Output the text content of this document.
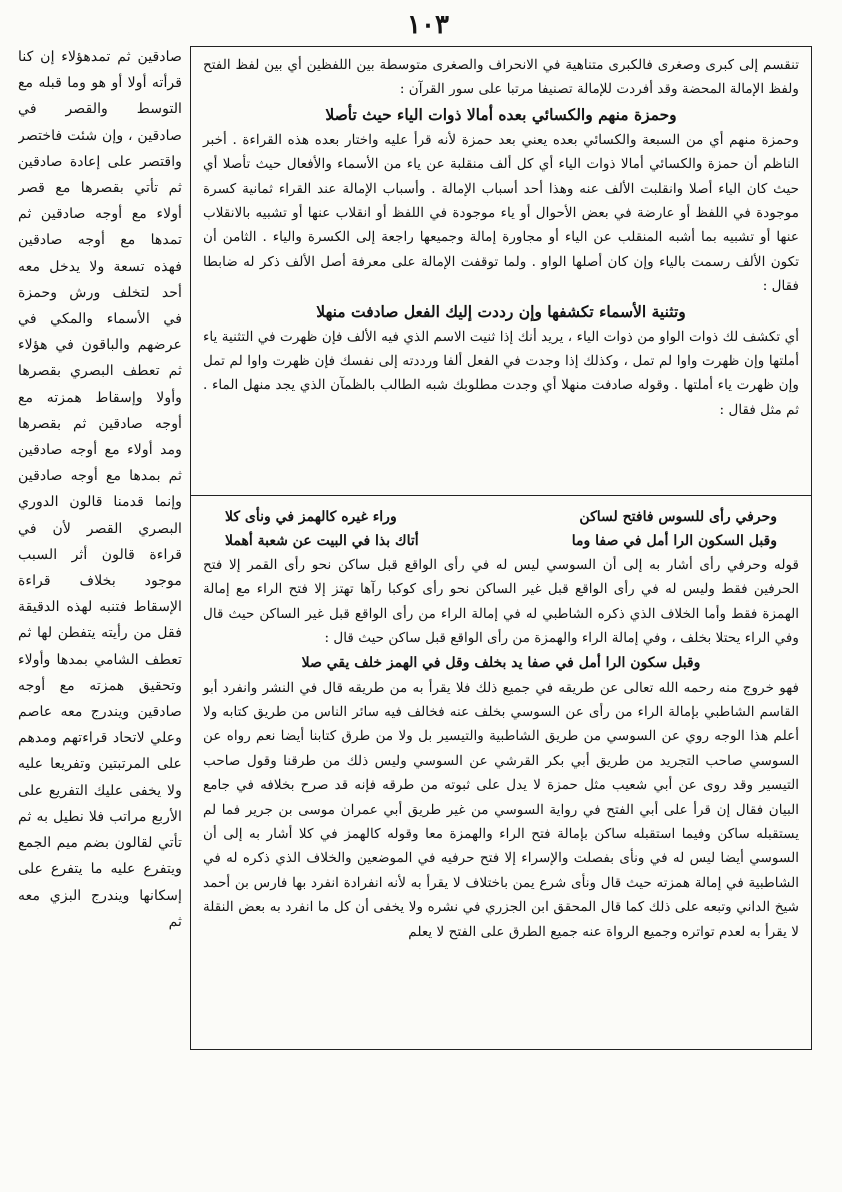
١٠٣

صادقين ثم تمدهؤلاء إن كنا قرأته أولا أو هو وما قبله مع التوسط والقصر في صادقين ، وإن شئت فاختصر واقتصر على إعادة صادقين ثم تأتي بقصرها مع قصر أولاء مع أوجه صادقين ثم تمدها مع أوجه صادقين فهذه تسعة ولا يدخل معه أحد لتخلف ورش وحمزة في الأسماء والمكي في عرضهم والباقون في هؤلاء ثم تعطف البصري بقصرها وأولا وإسقاط همزته مع أوجه صادقين ثم بقصرها ومد أولاء مع أوجه صادقين ثم بمدها مع أوجه صادقين وإنما قدمنا قالون الدوري البصري القصر لأن في قراءة قالون أثر السبب موجود بخلاف قراءة الإسقاط فتنبه لهذه الدقيقة فقل من رأيته يتفطن لها ثم تعطف الشامي بمدها وأولاء وتحقيق همزته مع أوجه صادقين ويندرج معه عاصم وعلي لاتحاد قراءتهم ومدهم على المرتبتين وتفريعا عليه ولا يخفى عليك التفريع على الأربع مراتب فلا نطيل به ثم تأتي لقالون بضم ميم الجمع ويتفرع عليه ما يتفرع على إسكانها ويندرج البزي معه ثم

تنقسم إلى كبرى وصغرى فالكبرى متناهية في الانحراف والصغرى متوسطة بين اللفظين أي بين لفظ الفتح ولفظ الإمالة المحضة وقد أفردت للإمالة تصنيفا مرتبا على سور القرآن :

وحمزة منهم والكسائي بعده أمالا ذوات الياء حيث تأصلا

وحمزة منهم أي من السبعة والكسائي بعده يعني بعد حمزة لأنه قرأ عليه واختار بعده هذه القراءة . أخبر الناظم أن حمزة والكسائي أمالا ذوات الياء أي كل ألف منقلبة عن ياء من الأسماء والأفعال حيث تأصلا أي حيث كان الياء أصلا وانقلبت الألف عنه وهذا أحد أسباب الإمالة . وأسباب الإمالة عند القراء ثمانية كسرة موجودة في اللفظ أو عارضة في بعض الأحوال أو ياء موجودة في اللفظ أو انقلاب عنها أو تشبيه بالانقلاب عنها أو تشبيه بما أشبه المنقلب عن الياء أو مجاورة إمالة وجميعها راجعة إلى الكسرة والياء . الثامن أن تكون الألف رسمت بالياء وإن كان أصلها الواو . ولما توقفت الإمالة على معرفة أصل الألف ذكر له ضابطا فقال :

وتثنية الأسماء تكشفها وإن رددت إليك الفعل صادفت منهلا

أي تكشف لك ذوات الواو من ذوات الياء ، يريد أنك إذا ثنيت الاسم الذي فيه الألف فإن ظهرت في التثنية ياء أملتها وإن ظهرت واوا لم تمل ، وكذلك إذا وجدت في الفعل ألفا ورددته إلى نفسك فإن ظهرت واوا لم تمل وإن ظهرت ياء أملتها . وقوله صادفت منهلا أي وجدت مطلوبك شبه الطالب بالظمآن الذي يجد منهل الماء . ثم مثل فقال :

وحرفي رأى للسوس فافتح لساكن
وراء غيره كالهمز في ونأى كلا
وقبل السكون الرا أمل في صفا وما
أتاك بذا في البيت عن شعبة أهملا

قوله وحرفي رأى أشار به إلى أن السوسي ليس له في رأى الواقع قبل ساكن نحو رأى القمر إلا فتح الحرفين فقط وليس له في رأى الواقع قبل غير الساكن نحو رأى كوكبا رآها تهتز إلا فتح الراء مع إمالة الهمزة فقط وأما الخلاف الذي ذكره الشاطبي له في إمالة الراء من رأى الواقع قبل غير الساكن حيث قال وفي الراء يحتلا بخلف ، وفي إمالة الراء والهمزة من رأى الواقع قبل ساكن حيث قال :

وقبل سكون الرا أمل في صفا يد بخلف وقل في الهمز خلف يقي صلا

فهو خروج منه رحمه الله تعالى عن طريقه في جميع ذلك فلا يقرأ به من طريقه قال في النشر وانفرد أبو القاسم الشاطبي بإمالة الراء من رأى عن السوسي بخلف عنه فخالف فيه سائر الناس من طريق كتابه ولا أعلم هذا الوجه روي عن السوسي من طريق الشاطبية والتيسير بل ولا من طرق كتابنا أيضا نعم رواه عن السوسي صاحب التجريد من طريق أبي بكر القرشي عن السوسي وليس ذلك من طرقنا وقول صاحب التيسير وقد روى عن أبي شعيب مثل حمزة لا يدل على ثبوته من طرقه فإنه قد صرح بخلافه في جامع البيان فقال إن قرأ على أبي الفتح في رواية السوسي من غير طريق أبي عمران موسى بن جرير فما لم يستقبله ساكن وفيما استقبله ساكن بإمالة فتح الراء والهمزة معا وقوله كالهمز في كلا أشار به إلى أن السوسي أيضا ليس له في ونأى بفصلت والإسراء إلا فتح حرفيه في الموضعين والخلاف الذي ذكره له في الشاطبية في إمالة همزته حيث قال ونأى شرع يمن باختلاف لا يقرأ به لأنه انفرادة انفرد بها فارس بن أحمد شيخ الداني وتبعه على ذلك كما قال المحقق ابن الجزري في نشره ولا يخفى أن كل ما انفرد به بعض النقلة لا يقرأ به لعدم تواتره وجميع الرواة عنه جميع الطرق على الفتح لا يعلم
